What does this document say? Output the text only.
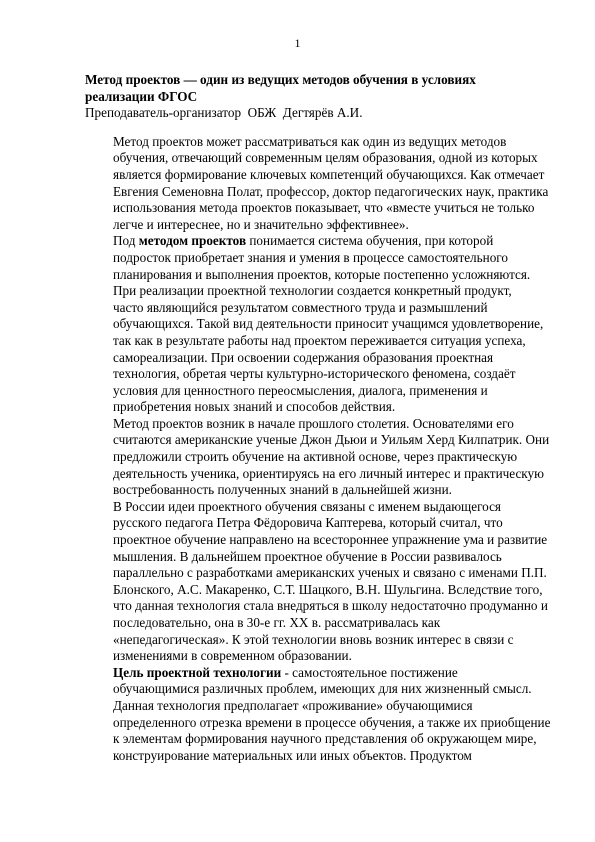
1
Метод проектов — один из ведущих методов обучения в условиях
реализации ФГОС
Преподаватель-организатор  ОБЖ  Дегтярёв А.И.
Метод проектов может рассматриваться как один из ведущих методов
обучения, отвечающий современным целям образования, одной из которых
является формирование ключевых компетенций обучающихся. Как отмечает
Евгения Семеновна Полат, профессор, доктор педагогических наук, практика
использования метода проектов показывает, что «вместе учиться не только
легче и интереснее, но и значительно эффективнее».
Под методом проектов понимается система обучения, при которой
подросток приобретает знания и умения в процессе самостоятельного
планирования и выполнения проектов, которые постепенно усложняются.
При реализации проектной технологии создается конкретный продукт,
часто являющийся результатом совместного труда и размышлений
обучающихся. Такой вид деятельности приносит учащимся удовлетворение,
так как в результате работы над проектом переживается ситуация успеха,
самореализации. При освоении содержания образования проектная
технология, обретая черты культурно-исторического феномена, создаёт
условия для ценностного переосмысления, диалога, применения и
приобретения новых знаний и способов действия.
Метод проектов возник в начале прошлого столетия. Основателями его
считаются американские ученые Джон Дьюи и Уильям Херд Килпатрик. Они
предложили строить обучение на активной основе, через практическую
деятельность ученика, ориентируясь на его личный интерес и практическую
востребованность полученных знаний в дальнейшей жизни.
В России идеи проектного обучения связаны с именем выдающегося
русского педагога Петра Фёдоровича Каптерева, который считал, что
проектное обучение направлено на всестороннее упражнение ума и развитие
мышления. В дальнейшем проектное обучение в России развивалось
параллельно с разработками американских ученых и связано с именами П.П.
Блонского, А.С. Макаренко, С.Т. Шацкого, В.Н. Шульгина. Вследствие того,
что данная технология стала внедряться в школу недостаточно продуманно и
последовательно, она в 30-е гг. XX в. рассматривалась как
«непедагогическая». К этой технологии вновь возник интерес в связи с
изменениями в современном образовании.
Цель проектной технологии - самостоятельное постижение
обучающимися различных проблем, имеющих для них жизненный смысл.
Данная технология предполагает «проживание» обучающимися
определенного отрезка времени в процессе обучения, а также их приобщение
к элементам формирования научного представления об окружающем мире,
конструирование материальных или иных объектов. Продуктом
